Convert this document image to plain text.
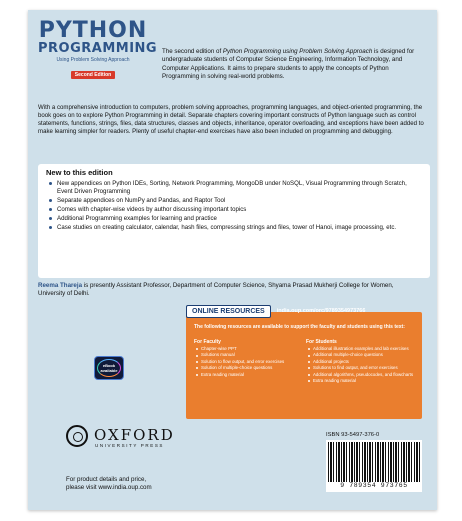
PYTHON
PROGRAMMING
Using Problem Solving Approach
Second Edition
The second edition of Python Programming using Problem Solving Approach is designed for undergraduate students of Computer Science Engineering, Information Technology, and Computer Applications. It aims to prepare students to apply the concepts of Python Programming in solving real-world problems.
With a comprehensive introduction to computers, problem solving approaches, programming languages, and object-oriented programming, the book goes on to explore Python Programming in detail. Separate chapters covering important constructs of Python language such as control statements, functions, strings, files, data structures, classes and objects, inheritance, operator overloading, and exceptions have been added to make learning simpler for readers. Plenty of useful chapter-end exercises have also been included on programming and debugging.
New to this edition
New appendices on Python IDEs, Sorting, Network Programming, MongoDB under NoSQL, Visual Programming through Scratch, Event Driven Programming
Separate appendices on NumPy and Pandas, and Raptor Tool
Comes with chapter-wise videos by author discussing important topics
Additional Programming examples for learning and practice
Case studies on creating calculator, calendar, hash files, compressing strings and files, tower of Hanoi, image processing, etc.
Reema Thareja is presently Assistant Professor, Department of Computer Science, Shyama Prasad Mukherji College for Women, University of Delhi.
eBook
available
ONLINE RESOURCES	india.oup.com/orc/9789354973766
The following resources are available to support the faculty and students using this text:
For Faculty
Chapter-wise PPT
Solutions manual
Solution to flow output, and error exercises
Solution of multiple-choice questions
Extra reading material
For Students
Additional illustration examples and lab exercises
Additional multiple-choice questions
Additional projects
Solutions to find output, and error exercises
Additional algorithms, pseudocodes, and flowcharts
Extra reading material
OXFORD
UNIVERSITY PRESS
For product details and price,
please visit www.india.oup.com
ISBN 93-5497-376-0
9 789354 973765
